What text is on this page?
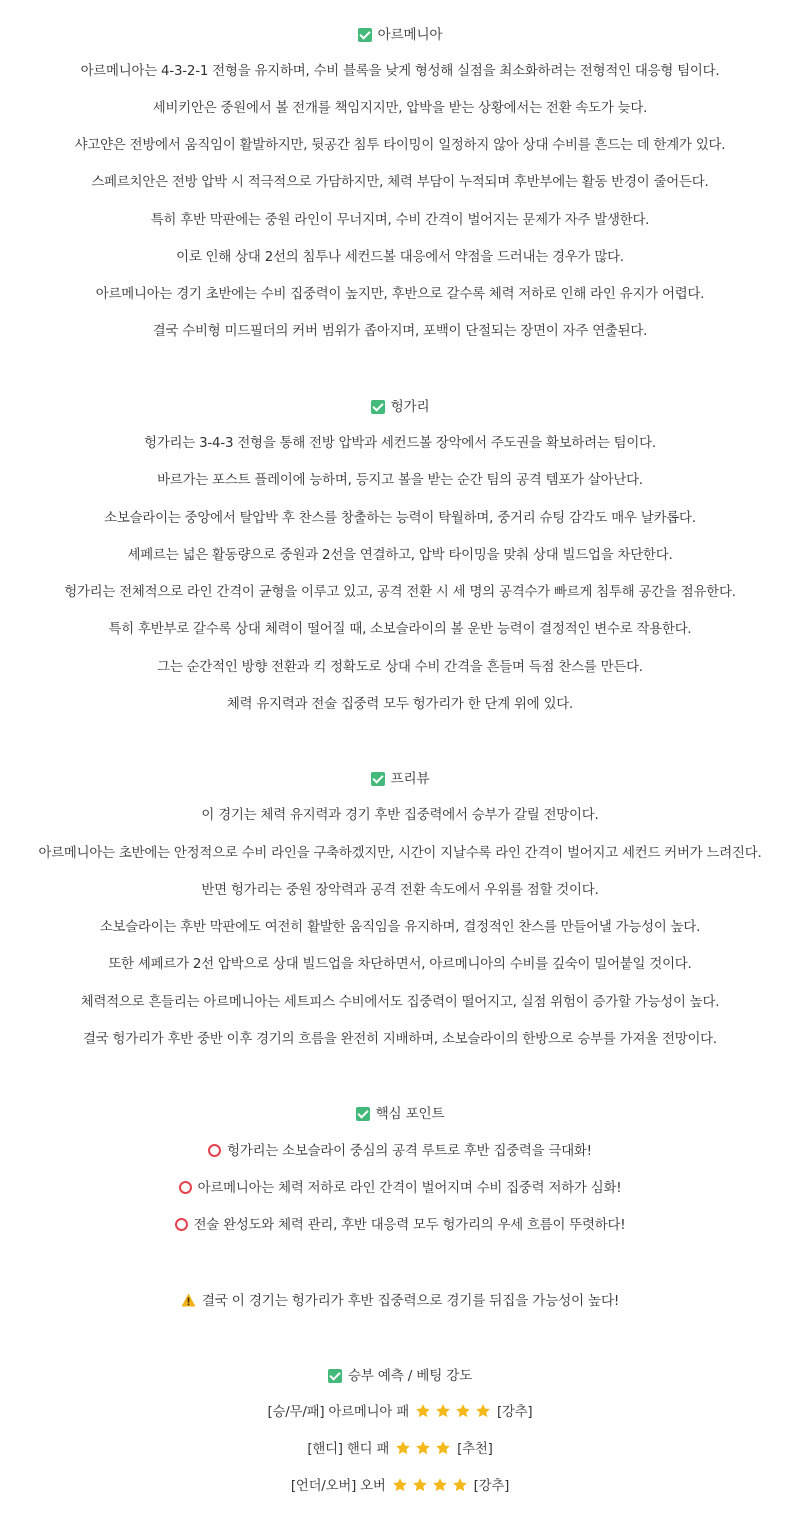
아르메니아
아르메니아는 4-3-2-1 전형을 유지하며, 수비 블록을 낮게 형성해 실점을 최소화하려는 전형적인 대응형 팀이다.
세비키안은 중원에서 볼 전개를 책임지지만, 압박을 받는 상황에서는 전환 속도가 늦다.
샤고얀은 전방에서 움직임이 활발하지만, 뒷공간 침투 타이밍이 일정하지 않아 상대 수비를 흔드는 데 한계가 있다.
스페르치안은 전방 압박 시 적극적으로 가담하지만, 체력 부담이 누적되며 후반부에는 활동 반경이 줄어든다.
특히 후반 막판에는 중원 라인이 무너지며, 수비 간격이 벌어지는 문제가 자주 발생한다.
이로 인해 상대 2선의 침투나 세컨드볼 대응에서 약점을 드러내는 경우가 많다.
아르메니아는 경기 초반에는 수비 집중력이 높지만, 후반으로 갈수록 체력 저하로 인해 라인 유지가 어렵다.
결국 수비형 미드필더의 커버 범위가 좁아지며, 포백이 단절되는 장면이 자주 연출된다.
헝가리
헝가리는 3-4-3 전형을 통해 전방 압박과 세컨드볼 장악에서 주도권을 확보하려는 팀이다.
바르가는 포스트 플레이에 능하며, 등지고 볼을 받는 순간 팀의 공격 템포가 살아난다.
소보슬라이는 중앙에서 탈압박 후 찬스를 창출하는 능력이 탁월하며, 중거리 슈팅 감각도 매우 날카롭다.
셰페르는 넓은 활동량으로 중원과 2선을 연결하고, 압박 타이밍을 맞춰 상대 빌드업을 차단한다.
헝가리는 전체적으로 라인 간격이 균형을 이루고 있고, 공격 전환 시 세 명의 공격수가 빠르게 침투해 공간을 점유한다.
특히 후반부로 갈수록 상대 체력이 떨어질 때, 소보슬라이의 볼 운반 능력이 결정적인 변수로 작용한다.
그는 순간적인 방향 전환과 킥 정확도로 상대 수비 간격을 흔들며 득점 찬스를 만든다.
체력 유지력과 전술 집중력 모두 헝가리가 한 단계 위에 있다.
프리뷰
이 경기는 체력 유지력과 경기 후반 집중력에서 승부가 갈릴 전망이다.
아르메니아는 초반에는 안정적으로 수비 라인을 구축하겠지만, 시간이 지날수록 라인 간격이 벌어지고 세컨드 커버가 느려진다.
반면 헝가리는 중원 장악력과 공격 전환 속도에서 우위를 점할 것이다.
소보슬라이는 후반 막판에도 여전히 활발한 움직임을 유지하며, 결정적인 찬스를 만들어낼 가능성이 높다.
또한 셰페르가 2선 압박으로 상대 빌드업을 차단하면서, 아르메니아의 수비를 깊숙이 밀어붙일 것이다.
체력적으로 흔들리는 아르메니아는 세트피스 수비에서도 집중력이 떨어지고, 실점 위험이 증가할 가능성이 높다.
결국 헝가리가 후반 중반 이후 경기의 흐름을 완전히 지배하며, 소보슬라이의 한방으로 승부를 가져올 전망이다.
핵심 포인트
헝가리는 소보슬라이 중심의 공격 루트로 후반 집중력을 극대화!
아르메니아는 체력 저하로 라인 간격이 벌어지며 수비 집중력 저하가 심화!
전술 완성도와 체력 관리, 후반 대응력 모두 헝가리의 우세 흐름이 뚜렷하다!
결국 이 경기는 헝가리가 후반 집중력으로 경기를 뒤집을 가능성이 높다!
승부 예측 / 베팅 강도
[승/무/패] 아르메니아 패	[강추]
[핸디] 핸디 패	[추천]
[언더/오버] 오버	[강추]
